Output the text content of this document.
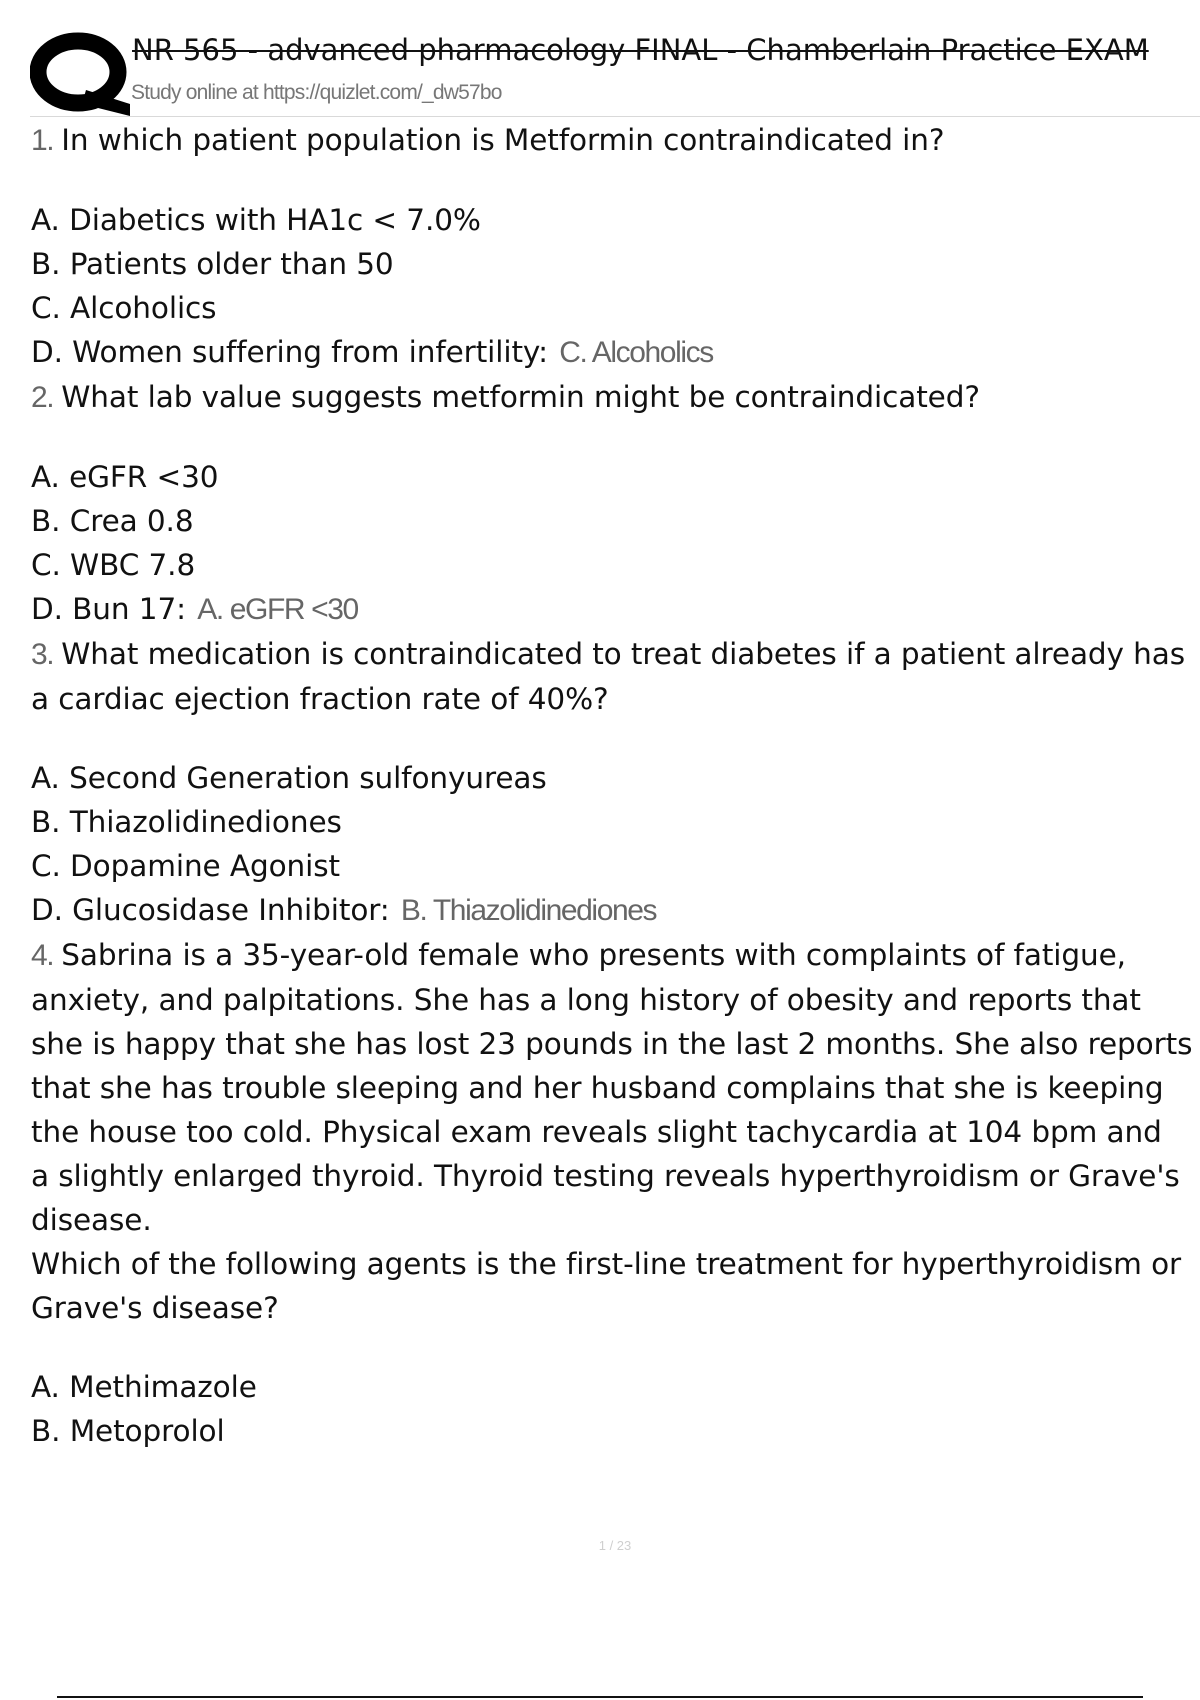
NR 565 - advanced pharmacology FINAL - Chamberlain Practice EXAM
Study online at https://quizlet.com/_dw57bo

1. In which patient population is Metformin contraindicated in?

A. Diabetics with HA1c < 7.0%

B. Patients older than 50

C. Alcoholics

D. Women suffering from infertility: C. Alcoholics

2. What lab value suggests metformin might be contraindicated?

A. eGFR <30

B. Crea 0.8

C. WBC 7.8

D. Bun 17: A. eGFR <30

3. What medication is contraindicated to treat diabetes if a patient already has

a cardiac ejection fraction rate of 40%?

A. Second Generation sulfonyureas

B. Thiazolidinediones

C. Dopamine Agonist

D. Glucosidase Inhibitor: B. Thiazolidinediones

4. Sabrina is a 35-year-old female who presents with complaints of fatigue,

anxiety, and palpitations. She has a long history of obesity and reports that

she is happy that she has lost 23 pounds in the last 2 months. She also reports

that she has trouble sleeping and her husband complains that she is keeping

the house too cold. Physical exam reveals slight tachycardia at 104 bpm and

a slightly enlarged thyroid. Thyroid testing reveals hyperthyroidism or Grave's

disease.

Which of the following agents is the first-line treatment for hyperthyroidism or

Grave's disease?

A. Methimazole

B. Metoprolol

1 / 23
